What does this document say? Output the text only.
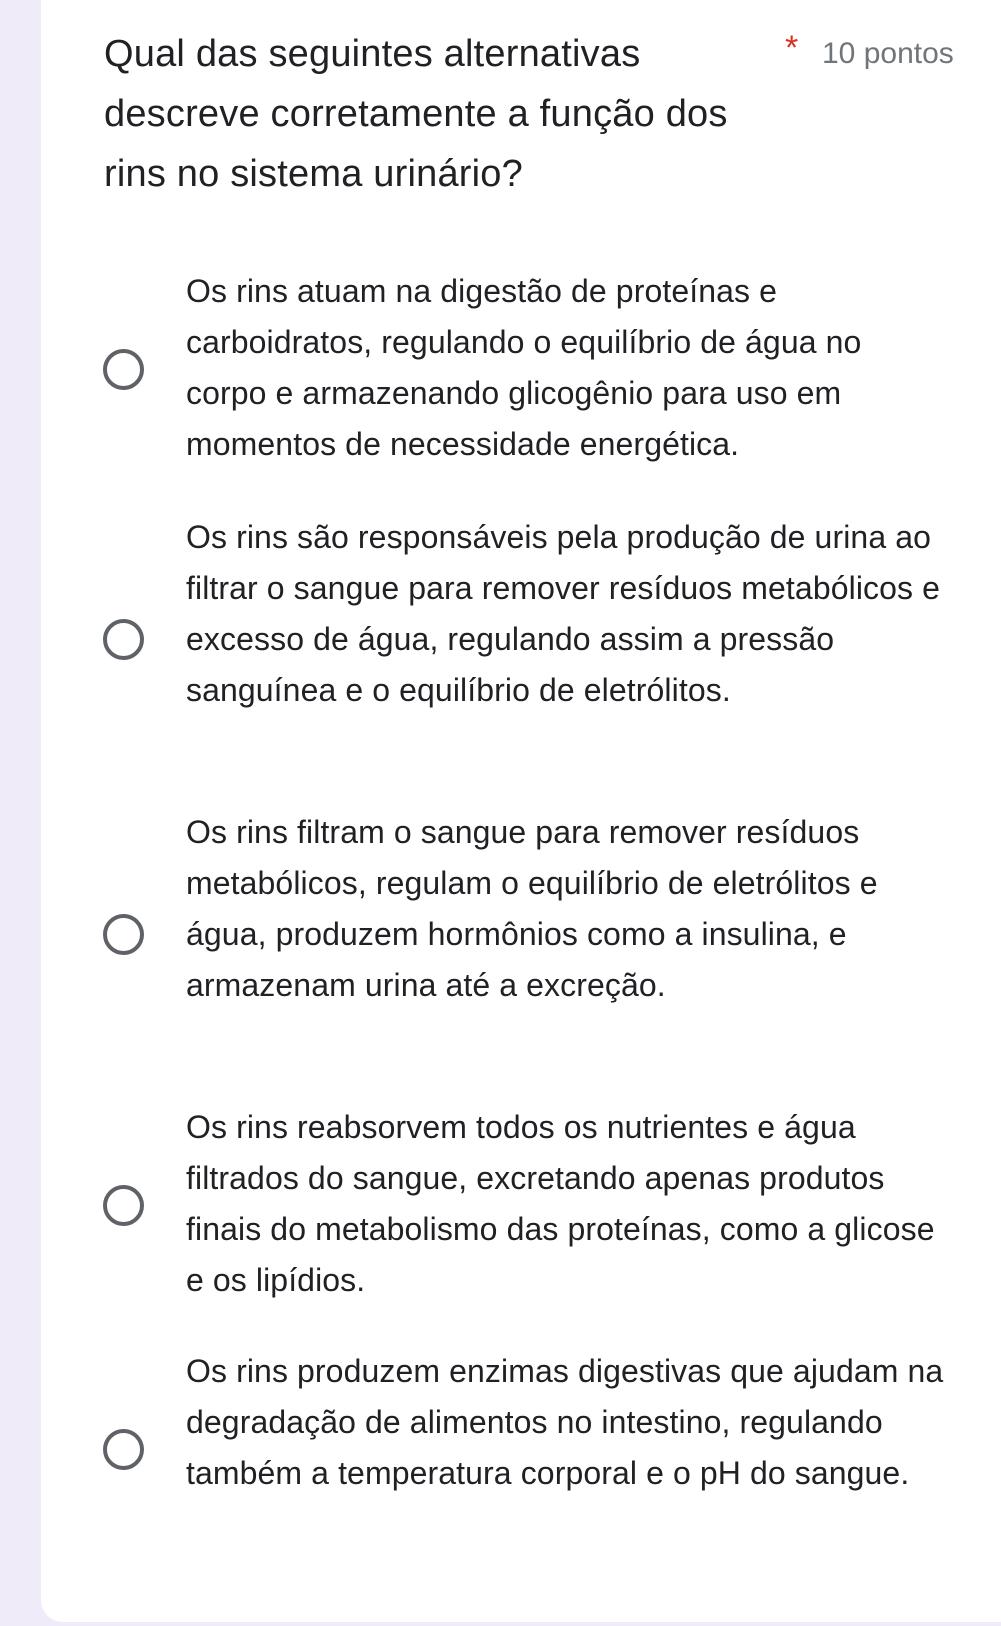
Qual das seguintes alternativas descreve corretamente a função dos rins no sistema urinário?
* 10 pontos

Os rins atuam na digestão de proteínas e carboidratos, regulando o equilíbrio de água no corpo e armazenando glicogênio para uso em momentos de necessidade energética.

Os rins são responsáveis pela produção de urina ao filtrar o sangue para remover resíduos metabólicos e excesso de água, regulando assim a pressão sanguínea e o equilíbrio de eletrólitos.

Os rins filtram o sangue para remover resíduos metabólicos, regulam o equilíbrio de eletrólitos e água, produzem hormônios como a insulina, e armazenam urina até a excreção.

Os rins reabsorvem todos os nutrientes e água filtrados do sangue, excretando apenas produtos finais do metabolismo das proteínas, como a glicose e os lipídios.

Os rins produzem enzimas digestivas que ajudam na degradação de alimentos no intestino, regulando também a temperatura corporal e o pH do sangue.
